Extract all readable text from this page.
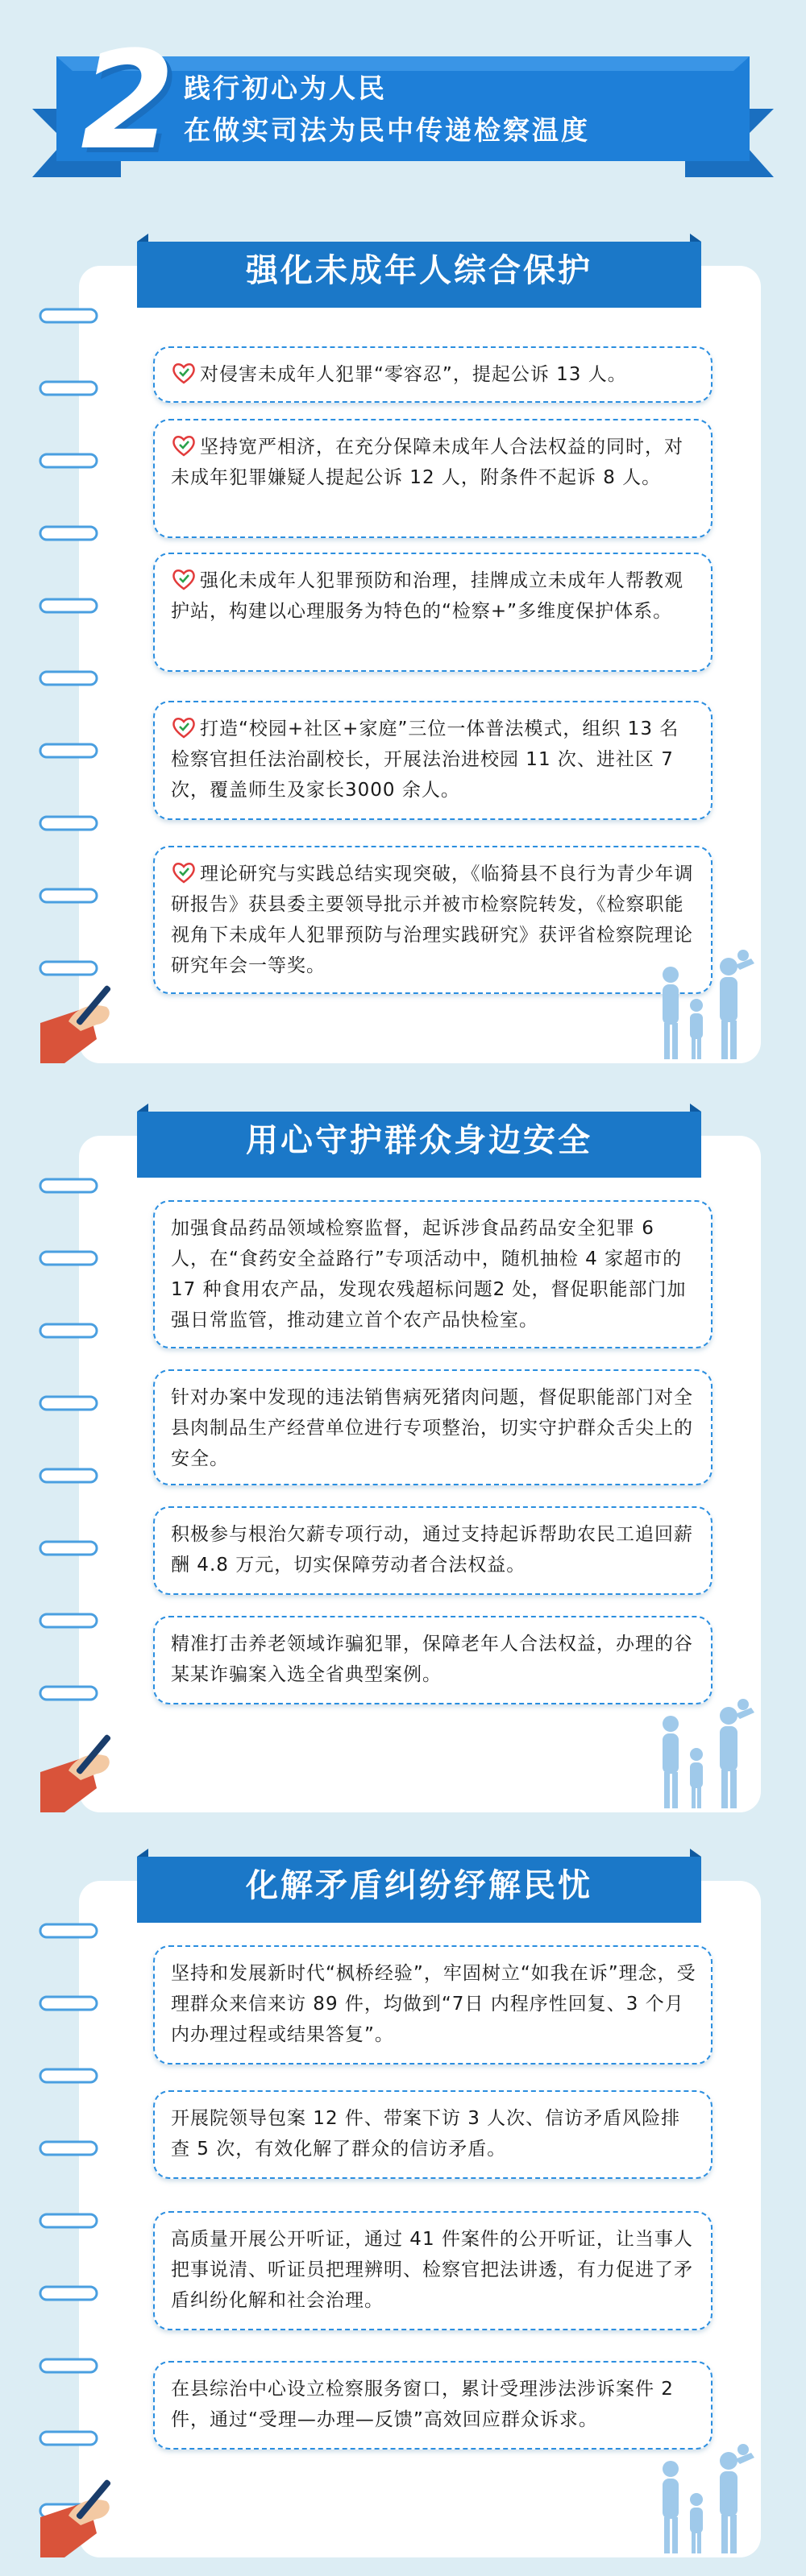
2 践行初心为人民
在做实司法为民中传递检察温度
强化未成年人综合保护
对侵害未成年人犯罪“零容忍”，提起公诉 13 人。
坚持宽严相济，在充分保障未成年人合法权益的同时，对未成年犯罪嫌疑人提起公诉 12 人，附条件不起诉 8 人。
强化未成年人犯罪预防和治理，挂牌成立未成年人帮教观护站，构建以心理服务为特色的“检察+”多维度保护体系。
打造“校园+社区+家庭”三位一体普法模式，组织 13 名检察官担任法治副校长，开展法治进校园 11 次、进社区 7 次，覆盖师生及家长3000 余人。
理论研究与实践总结实现突破，《临猗县不良行为青少年调研报告》获县委主要领导批示并被市检察院转发，《检察职能视角下未成年人犯罪预防与治理实践研究》获评省检察院理论研究年会一等奖。
用心守护群众身边安全
加强食品药品领域检察监督，起诉涉食品药品安全犯罪 6 人，在“食药安全益路行”专项活动中，随机抽检 4 家超市的 17 种食用农产品，发现农残超标问题2 处，督促职能部门加强日常监管，推动建立首个农产品快检室。
针对办案中发现的违法销售病死猪肉问题，督促职能部门对全县肉制品生产经营单位进行专项整治，切实守护群众舌尖上的安全。
积极参与根治欠薪专项行动，通过支持起诉帮助农民工追回薪酬 4.8 万元，切实保障劳动者合法权益。
精准打击养老领域诈骗犯罪，保障老年人合法权益，办理的谷某某诈骗案入选全省典型案例。
化解矛盾纠纷纾解民忧
坚持和发展新时代“枫桥经验”，牢固树立“如我在诉”理念，受理群众来信来访 89 件，均做到“7日 内程序性回复、3 个月内办理过程或结果答复”。
开展院领导包案 12 件、带案下访 3 人次、信访矛盾风险排查 5 次，有效化解了群众的信访矛盾。
高质量开展公开听证，通过 41 件案件的公开听证，让当事人把事说清、听证员把理辨明、检察官把法讲透，有力促进了矛盾纠纷化解和社会治理。
在县综治中心设立检察服务窗口，累计受理涉法涉诉案件 2 件，通过“受理—办理—反馈”高效回应群众诉求。
